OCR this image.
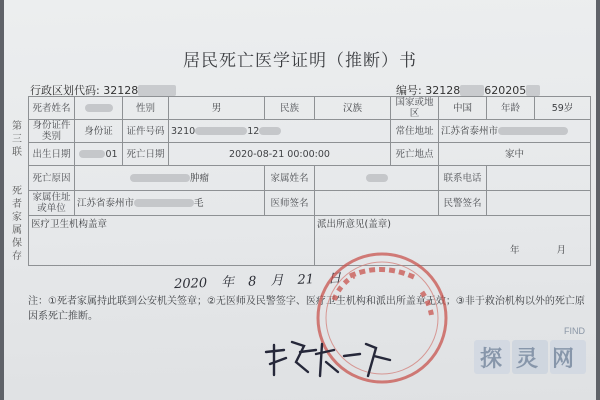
居民死亡医学证明（推断）书
行政区划代码: 32128	编号: 32128 620205
第三联

死者家属保存
死者姓名		性别	男	民族	汉族	国家或地区	中国	年龄	59岁
身份证件类别	身份证	证件号码	3210 12			常住地址	江苏省泰州市		
出生日期	01	死亡日期	2020-08-21 00:00:00			死亡地点	家中		
死亡原因	肿瘤			家属姓名			联系电话		
家属住址或单位	江苏省泰州市 毛			医师签名			民警签名		
医疗卫生机构盖章					派出所意见(盖章) 年 月				
2020 年 8 月 21 日
注：①死者家属持此联到公安机关签章；②无医师及民警签字、医疗卫生机构和派出所盖章无效；③非于救治机构以外的死亡原因系死亡推断。
FIND
探灵网
